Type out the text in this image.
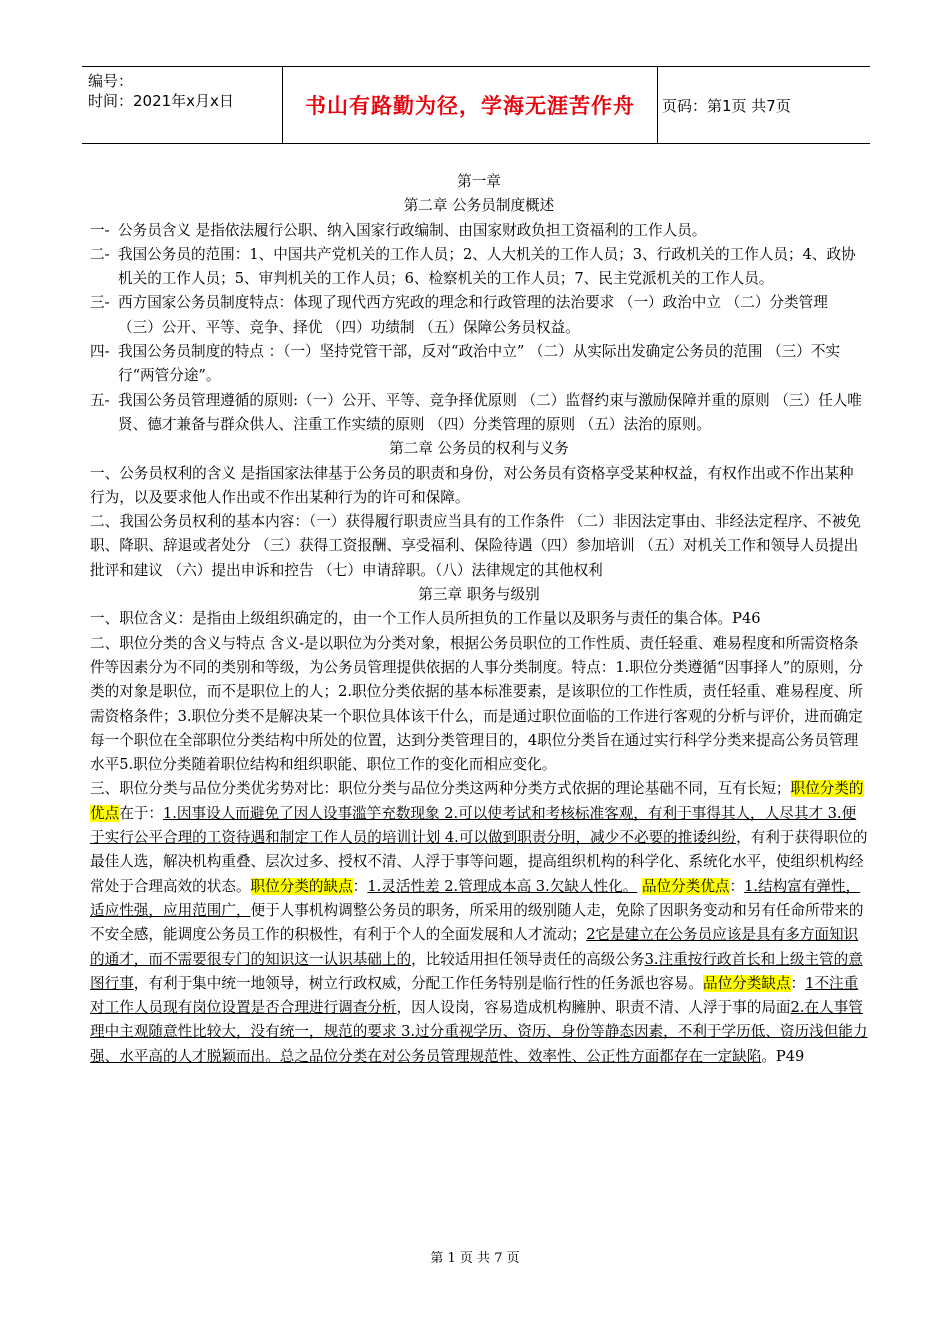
编号：
时间：2021年x月x日	书山有路勤为径，学海无涯苦作舟 页码：第1页 共7页

第一章

第二章 公务员制度概述

一- 公务员含义 是指依法履行公职、纳入国家行政编制、由国家财政负担工资福利的工作人员。

二- 我国公务员的范围：1、中国共产党机关的工作人员；2、人大机关的工作人员；3、行政机关的工作人员；4、政协机关的工作人员；5、审判机关的工作人员；6、检察机关的工作人员；7、民主党派机关的工作人员。

三- 西方国家公务员制度特点：体现了现代西方宪政的理念和行政管理的法治要求 （一）政治中立 （二）分类管理 （三）公开、平等、竞争、择优 （四）功绩制 （五）保障公务员权益。

四- 我国公务员制度的特点 ：（一）坚持党管干部，反对“政治中立” （二）从实际出发确定公务员的范围 （三）不实行“两管分途”。

五- 我国公务员管理遵循的原则:（一）公开、平等、竞争择优原则 （二）监督约束与激励保障并重的原则 （三）任人唯贤、德才兼备与群众供人、注重工作实绩的原则 （四）分类管理的原则 （五）法治的原则。

第二章 公务员的权利与义务

一、公务员权利的含义 是指国家法律基于公务员的职责和身份，对公务员有资格享受某种权益，有权作出或不作出某种行为，以及要求他人作出或不作出某种行为的许可和保障。

二、我国公务员权利的基本内容：（一）获得履行职责应当具有的工作条件 （二）非因法定事由、非经法定程序、不被免职、降职、辞退或者处分 （三）获得工资报酬、享受福利、保险待遇（四）参加培训 （五）对机关工作和领导人员提出批评和建议 （六）提出申诉和控告 （七）申请辞职。（八）法律规定的其他权利

第三章 职务与级别

一、职位含义：是指由上级组织确定的，由一个工作人员所担负的工作量以及职务与责任的集合体。P46

二、职位分类的含义与特点 含义-是以职位为分类对象，根据公务员职位的工作性质、责任轻重、难易程度和所需资格条件等因素分为不同的类别和等级，为公务员管理提供依据的人事分类制度。特点：1.职位分类遵循“因事择人”的原则，分类的对象是职位，而不是职位上的人；2.职位分类依据的基本标准要素，是该职位的工作性质，责任轻重、难易程度、所需资格条件；3.职位分类不是解决某一个职位具体该干什么，而是通过职位面临的工作进行客观的分析与评价，进而确定每一个职位在全部职位分类结构中所处的位置，达到分类管理目的，4职位分类旨在通过实行科学分类来提高公务员管理水平5.职位分类随着职位结构和组织职能、职位工作的变化而相应变化。

三、职位分类与品位分类优劣势对比：职位分类与品位分类这两种分类方式依据的理论基础不同，互有长短；职位分类的优点在于：1.因事设人而避免了因人设事滥竽充数现象 2.可以使考试和考核标准客观，有利于事得其人，人尽其才 3.便于实行公平合理的工资待遇和制定工作人员的培训计划 4.可以做到职责分明，减少不必要的推诿纠纷，有利于获得职位的最佳人选，解决机构重叠、层次过多、授权不清、人浮于事等问题，提高组织机构的科学化、系统化水平，使组织机构经常处于合理高效的状态。职位分类的缺点：1.灵活性差 2.管理成本高 3.欠缺人性化。 品位分类优点：1.结构富有弹性，适应性强，应用范围广，便于人事机构调整公务员的职务，所采用的级别随人走，免除了因职务变动和另有任命所带来的不安全感，能调度公务员工作的积极性，有利于个人的全面发展和人才流动；2它是建立在公务员应该是具有多方面知识的通才，而不需要很专门的知识这一认识基础上的，比较适用担任领导责任的高级公务3.注重按行政首长和上级主管的意图行事，有利于集中统一地领导，树立行政权威，分配工作任务特别是临行性的任务派也容易。品位分类缺点：1不注重对工作人员现有岗位设置是否合理进行调查分析，因人设岗，容易造成机构臃肿、职责不清、人浮于事的局面2.在人事管理中主观随意性比较大，没有统一，规范的要求 3.过分重视学历、资历、身份等静态因素，不利于学历低、资历浅但能力强、水平高的人才脱颖而出。总之品位分类在对公务员管理规范性、效率性、公正性方面都存在一定缺陷。P49

第 1 页 共 7 页
